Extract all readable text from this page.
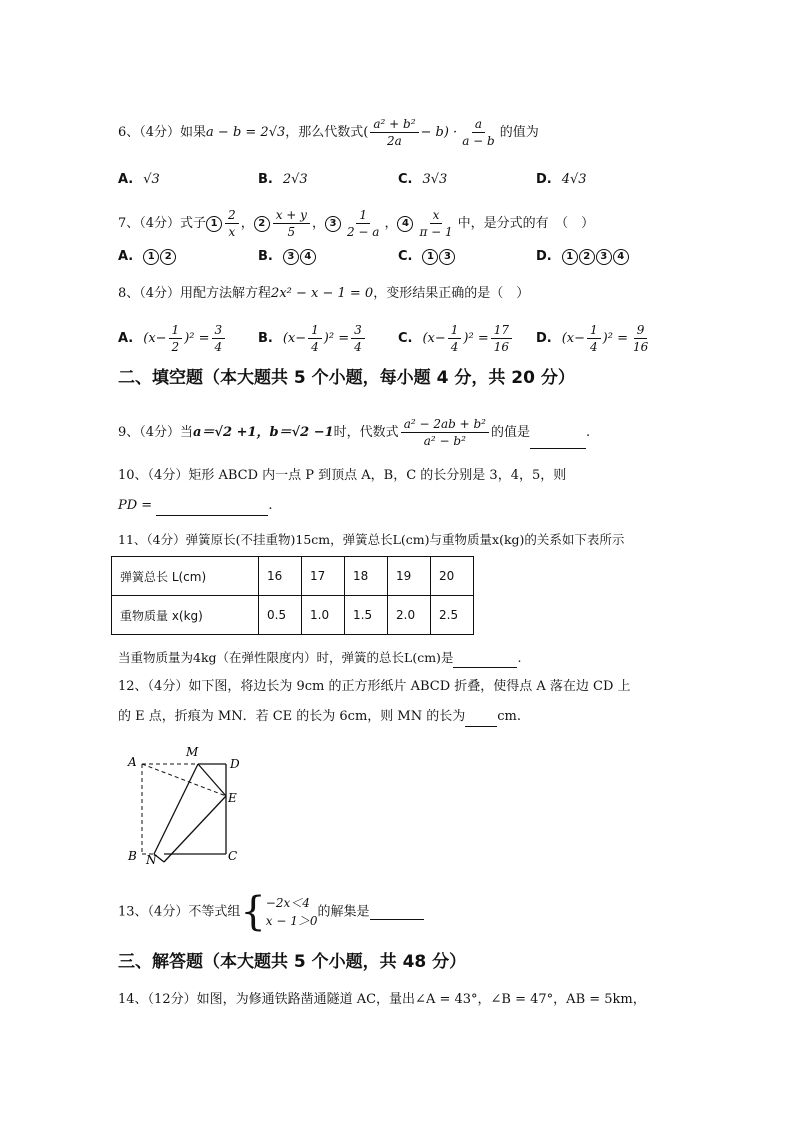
6、（4分）如果a − b = 2√3，那么代数式( $\frac{\text{a² + b²}}{2a} - b) \cdot \frac{a}{a - b}$ 的值为
A. √3	B. 2√3	C. 3√3	D. 4√3
7、（4分）式子 $1 \frac{2}{x}$ ， $2 \frac{x + y}{5}$ ， $3 \frac{1}{2 - a}$ ， $4 \frac{x}{\pi - 1}$ 中，是分式的有　（　）
A. 1 2	B. 3 4	C. 1 3	D. 1 2 3 4
8、（4分）用配方法解方程2x² − x − 1 = 0，变形结果正确的是（　）
A. $(x- \frac{1}{2} )^2 = \frac{3}{4}$	B. $(x- \frac{1}{4} )^2 = \frac{3}{4}$	C. $(x- \frac{1}{4} )^2 = \frac{17}{16} D$. $(x- \frac{1}{4} )^2 = \frac{9}{16}$
二、填空题（本大题共 5 个小题，每小题 4 分，共 20 分）
9、（4分）当a＝√2 +1，b＝√2 −1时，代数式 $\frac{\text{a² − 2ab + b²}}{\text{a² − b²}}$ 的值是	.
10、（4分）矩形 ABCD 内一点 P 到顶点 A，B，C 的长分别是 3，4，5，则
PD =	.
11、（4分）弹簧原长(不挂重物)15cm，弹簧总长L(cm)与重物质量x(kg)的关系如下表所示
弹簧总长 L(cm)	16	17	18	19	20
重物质量 x(kg)	0.5	1.0	1.5	2.0	2.5
当重物质量为4kg（在弹性限度内）时，弹簧的总长L(cm)是	.
12、（4分）如下图，将边长为 9cm 的正方形纸片 ABCD 折叠，使得点 A 落在边 CD 上
的 E 点，折痕为 MN．若 CE 的长为 6cm，则 MN 的长为 cm.
A
M
D
E
B N	C
13、（4分）不等式组{ −2x＜4
x − 1＞0
的解集是
三、解答题（本大题共 5 个小题，共 48 分）
14、（12分）如图，为修通铁路凿通隧道 AC，量出∠A = 43°，∠B = 47°，AB = 5km，
